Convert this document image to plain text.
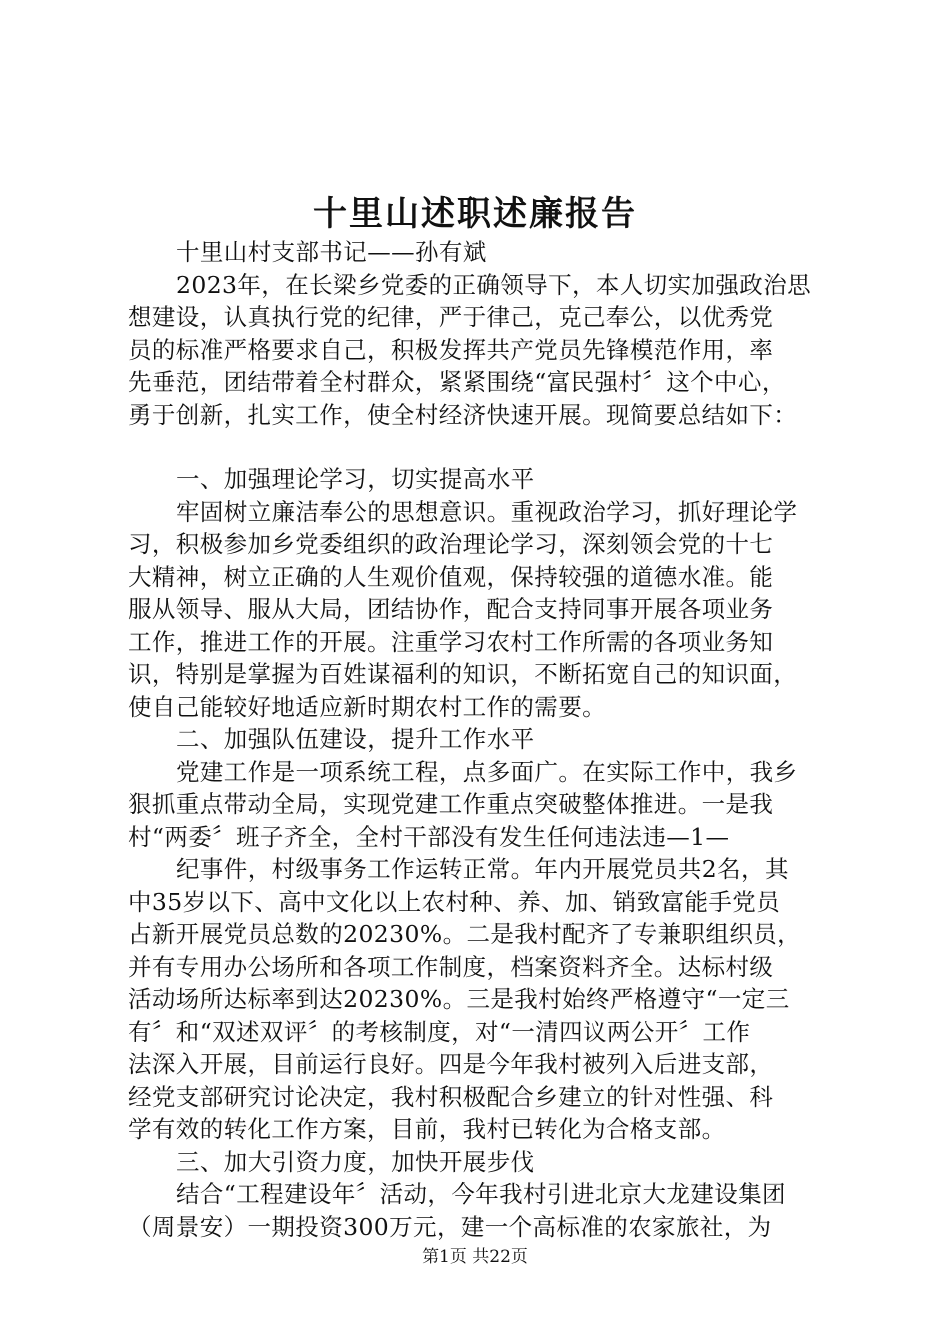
十里山述职述廉报告
十里山村支部书记——孙有斌
2023年，在长梁乡党委的正确领导下，本人切实加强政治思
想建设，认真执行党的纪律，严于律己，克己奉公，以优秀党
员的标准严格要求自己，积极发挥共产党员先锋模范作用，率
先垂范，团结带着全村群众，紧紧围绕“富民强村〞这个中心，
勇于创新，扎实工作，使全村经济快速开展。现简要总结如下：
一、加强理论学习，切实提高水平
牢固树立廉洁奉公的思想意识。重视政治学习，抓好理论学
习，积极参加乡党委组织的政治理论学习，深刻领会党的十七
大精神，树立正确的人生观价值观，保持较强的道德水准。能
服从领导、服从大局，团结协作，配合支持同事开展各项业务
工作，推进工作的开展。注重学习农村工作所需的各项业务知
识，特别是掌握为百姓谋福利的知识，不断拓宽自己的知识面，
使自己能较好地适应新时期农村工作的需要。
二、加强队伍建设，提升工作水平
党建工作是一项系统工程，点多面广。在实际工作中，我乡
狠抓重点带动全局，实现党建工作重点突破整体推进。一是我
村“两委〞班子齐全，全村干部没有发生任何违法违—1—
纪事件，村级事务工作运转正常。年内开展党员共2名，其
中35岁以下、高中文化以上农村种、养、加、销致富能手党员
占新开展党员总数的20230%。二是我村配齐了专兼职组织员，
并有专用办公场所和各项工作制度，档案资料齐全。达标村级
活动场所达标率到达20230%。三是我村始终严格遵守“一定三
有〞和“双述双评〞的考核制度，对“一清四议两公开〞工作
法深入开展，目前运行良好。四是今年我村被列入后进支部，
经党支部研究讨论决定，我村积极配合乡建立的针对性强、科
学有效的转化工作方案，目前，我村已转化为合格支部。
三、加大引资力度，加快开展步伐
结合“工程建设年〞活动，今年我村引进北京大龙建设集团
（周景安）一期投资300万元，建一个高标准的农家旅社，为

第1页 共22页
